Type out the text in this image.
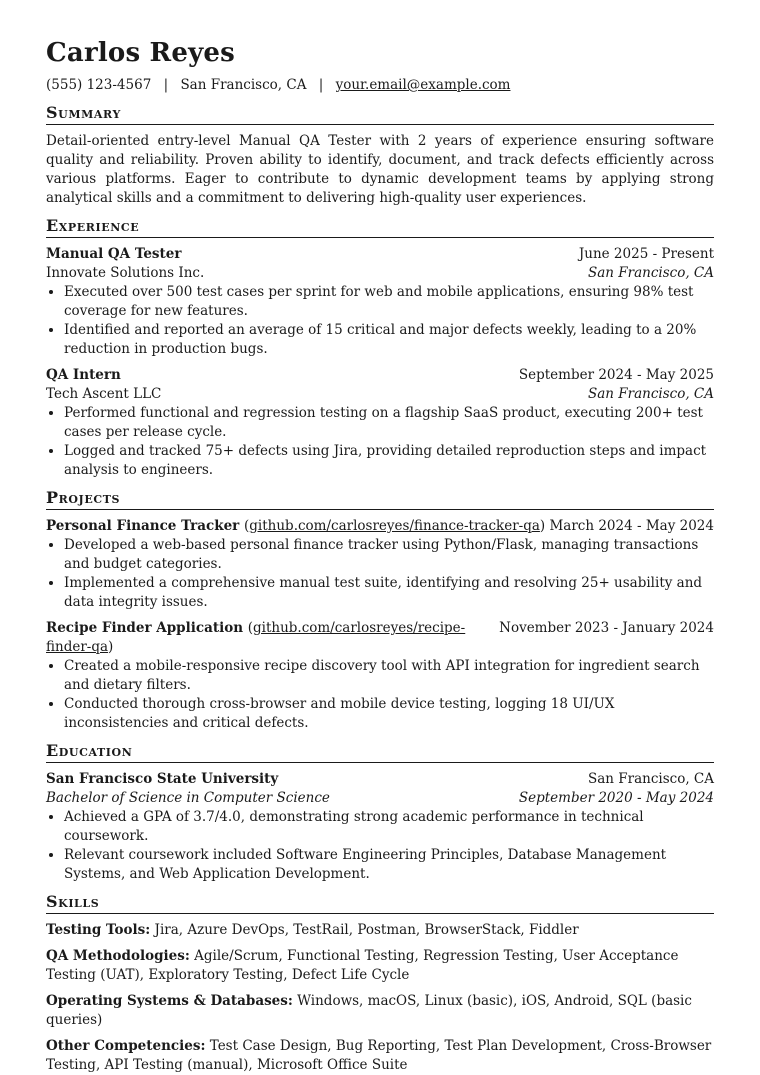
Carlos Reyes
(555) 123-4567 | San Francisco, CA | your.email@example.com
Summary
Detail-oriented entry-level Manual QA Tester with 2 years of experience ensuring software quality and reliability. Proven ability to identify, document, and track defects efficiently across various platforms. Eager to contribute to dynamic development teams by applying strong analytical skills and a commitment to delivering high-quality user experiences.
Experience
Manual QA Tester	June 2025 - Present
Innovate Solutions Inc.	San Francisco, CA
• Executed over 500 test cases per sprint for web and mobile applications, ensuring 98% test coverage for new features.
• Identified and reported an average of 15 critical and major defects weekly, leading to a 20% reduction in production bugs.
QA Intern	September 2024 - May 2025
Tech Ascent LLC	San Francisco, CA
• Performed functional and regression testing on a flagship SaaS product, executing 200+ test cases per release cycle.
• Logged and tracked 75+ defects using Jira, providing detailed reproduction steps and impact analysis to engineers.
Projects
Personal Finance Tracker (github.com/carlosreyes/finance-tracker-qa) March 2024 - May 2024
• Developed a web-based personal finance tracker using Python/Flask, managing transactions and budget categories.
• Implemented a comprehensive manual test suite, identifying and resolving 25+ usability and data integrity issues.
Recipe Finder Application (github.com/carlosreyes/recipe-finder-qa)
November 2023 - January 2024
• Created a mobile-responsive recipe discovery tool with API integration for ingredient search and dietary filters.
• Conducted thorough cross-browser and mobile device testing, logging 18 UI/UX inconsistencies and critical defects.
Education
San Francisco State University	San Francisco, CA
Bachelor of Science in Computer Science	September 2020 - May 2024
• Achieved a GPA of 3.7/4.0, demonstrating strong academic performance in technical coursework.
• Relevant coursework included Software Engineering Principles, Database Management Systems, and Web Application Development.
Skills
Testing Tools: Jira, Azure DevOps, TestRail, Postman, BrowserStack, Fiddler
QA Methodologies: Agile/Scrum, Functional Testing, Regression Testing, User Acceptance Testing (UAT), Exploratory Testing, Defect Life Cycle
Operating Systems & Databases: Windows, macOS, Linux (basic), iOS, Android, SQL (basic queries)
Other Competencies: Test Case Design, Bug Reporting, Test Plan Development, Cross-Browser Testing, API Testing (manual), Microsoft Office Suite
